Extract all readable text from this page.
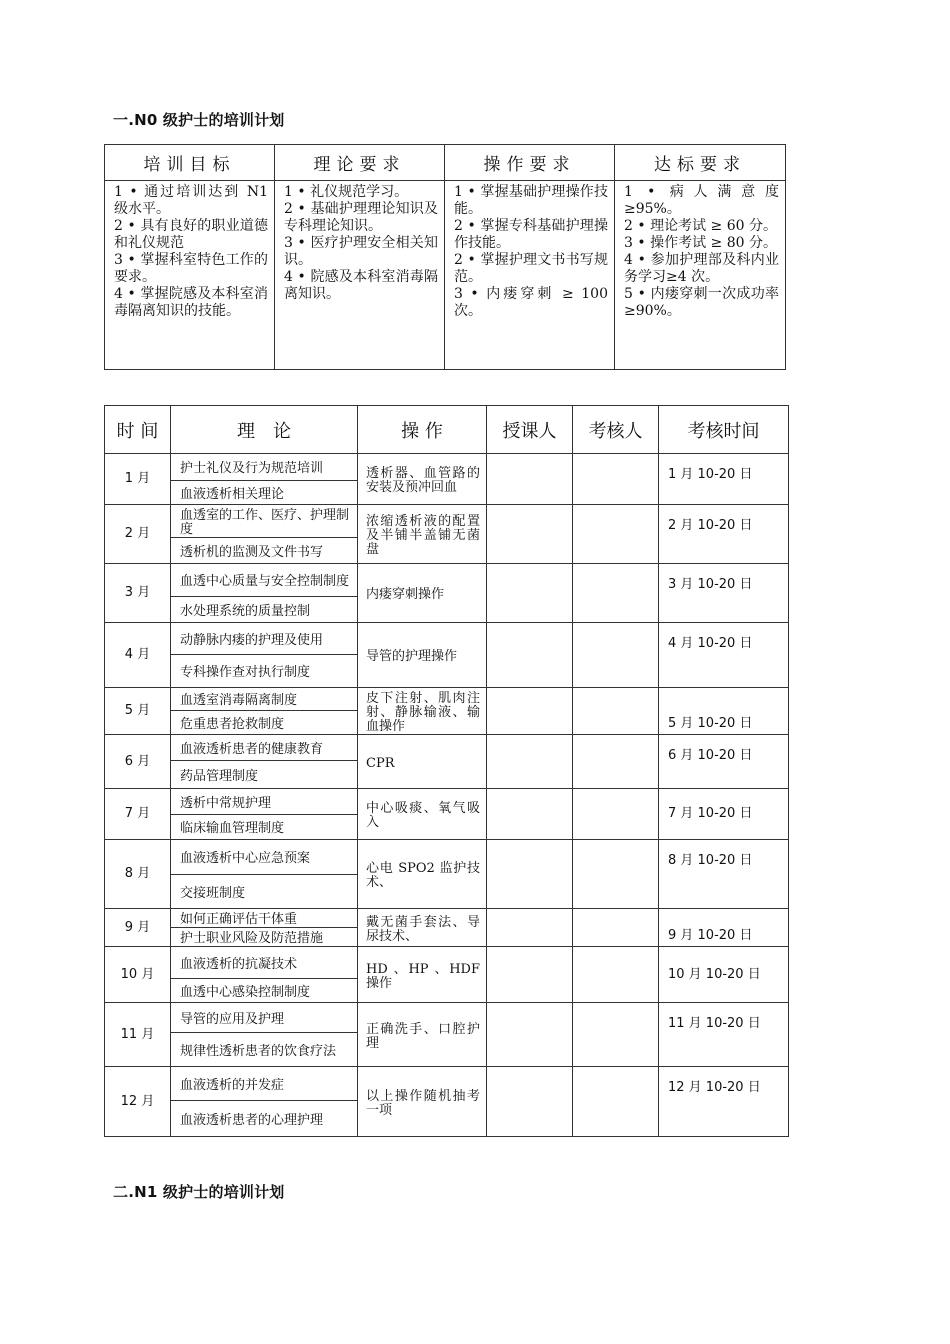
一.N0 级护士的培训计划
培训目标	理论要求	操作要求	达标要求

1 • 通过培训达到 N1 级水平。
2 • 具有良好的职业道德和礼仪规范
3 • 掌握科室特色工作的要求。
4 • 掌握院感及本科室消毒隔离知识的技能。	1 • 礼仪规范学习。
2 • 基础护理理论知识及专科理论知识。
3 • 医疗护理安全相关知识。
4 • 院感及本科室消毒隔离知识。	1 • 掌握基础护理操作技能。
2 • 掌握专科基础护理操作技能。
2 • 掌握护理文书书写规范。
3 • 内瘘穿刺 ≥ 100 次。	1 • 病人满意度 ≥95%。
2 • 理论考试 ≥ 60 分。
3 • 操作考试 ≥ 80 分。
4 • 参加护理部及科内业务学习≥4 次。
5 • 内瘘穿刺一次成功率≥90%。
时 间	理　论	操 作	授课人	考核人	考核时间
1 月	护士礼仪及行为规范培训	透析器、血管路的安装及预冲回血			1 月 10-20 日
	血液透析相关理论				
2 月	血透室的工作、医疗、护理制度	浓缩透析液的配置及半铺半盖铺无菌盘			2 月 10-20 日
	透析机的监测及文件书写				
3 月	血透中心质量与安全控制制度	内瘘穿刺操作			3 月 10-20 日
	水处理系统的质量控制				
4 月	动静脉内瘘的护理及使用	导管的护理操作			4 月 10-20 日
	专科操作查对执行制度				
5 月	血透室消毒隔离制度	皮下注射、肌肉注射、静脉输液、输血操作			5 月 10-20 日
	危重患者抢救制度				
6 月	血液透析患者的健康教育	CPR			6 月 10-20 日
	药品管理制度				
7 月	透析中常规护理	中心吸痰、氧气吸入			7 月 10-20 日
	临床输血管理制度				
8 月	血液透析中心应急预案	心电 SPO2 监护技术、			8 月 10-20 日
	交接班制度				
9 月	如何正确评估干体重	戴无菌手套法、导尿技术、			9 月 10-20 日
	护士职业风险及防范措施				
10 月	血液透析的抗凝技术	HD 、HP 、HDF 操作			10 月 10-20 日
	血透中心感染控制制度				
11 月	导管的应用及护理	正确洗手、口腔护理			11 月 10-20 日
	规律性透析患者的饮食疗法				
12 月	血液透析的并发症	以上操作随机抽考一项			12 月 10-20 日
	血液透析患者的心理护理				
二.N1 级护士的培训计划
